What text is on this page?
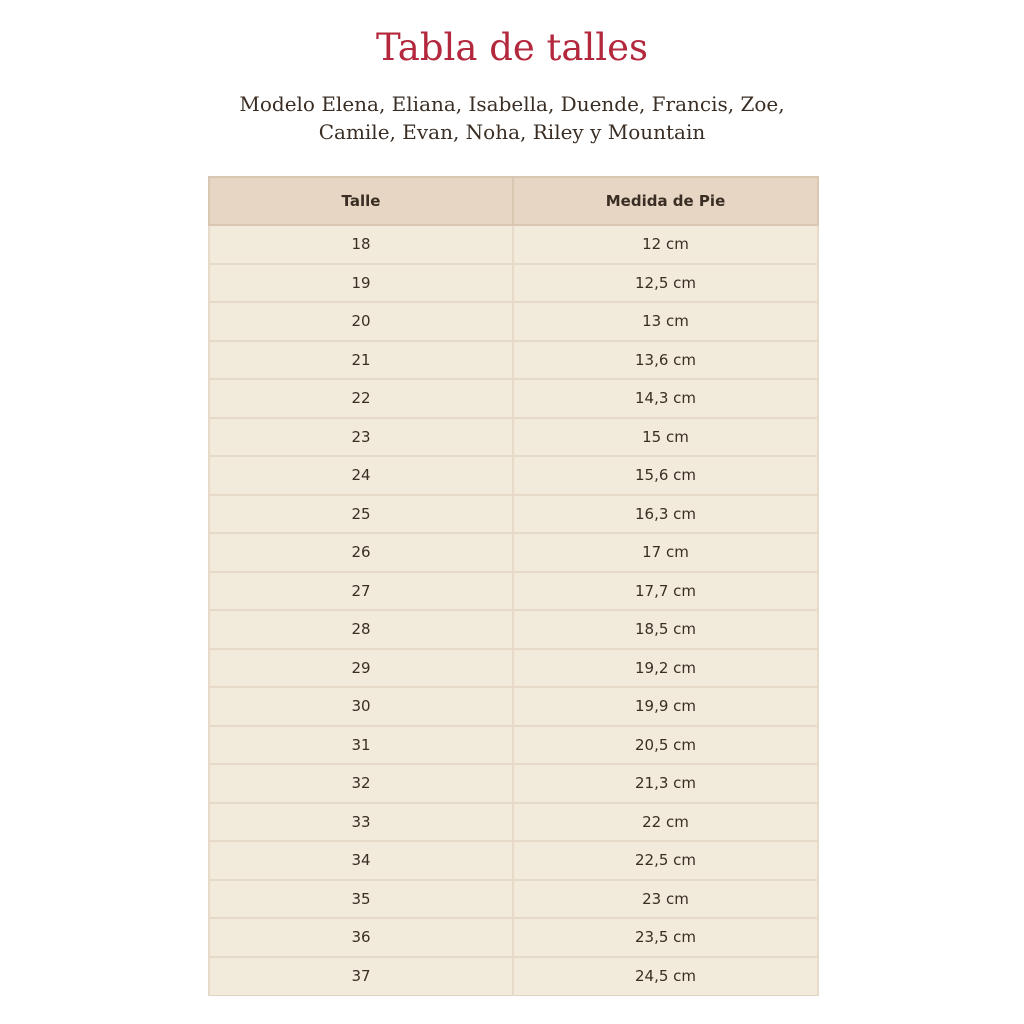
Tabla de talles

Modelo Elena, Eliana, Isabella, Duende, Francis, Zoe,
Camile, Evan, Noha, Riley y Mountain

Talle	Medida de Pie
18	12 cm
19	12,5 cm
20	13 cm
21	13,6 cm
22	14,3 cm
23	15 cm
24	15,6 cm
25	16,3 cm
26	17 cm
27	17,7 cm
28	18,5 cm
29	19,2 cm
30	19,9 cm
31	20,5 cm
32	21,3 cm
33	22 cm
34	22,5 cm
35	23 cm
36	23,5 cm
37	24,5 cm
